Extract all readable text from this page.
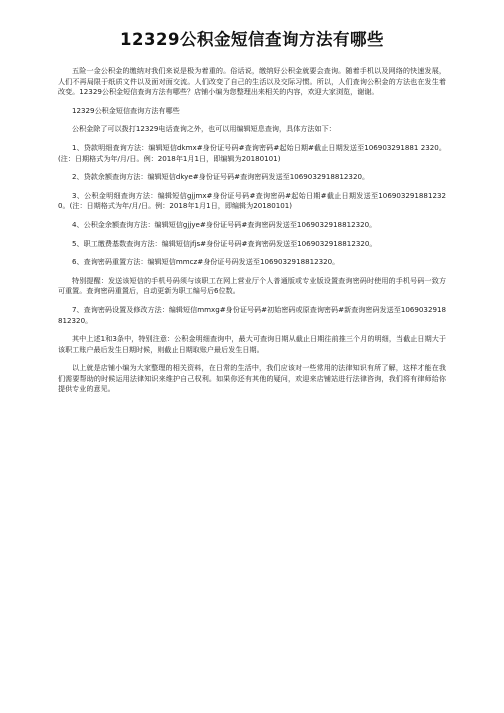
12329公积金短信查询方法有哪些

五险一金公积金的缴纳对我们来说是极为着重的。俗话说，缴纳好公积金就要会查询。随着手机以及网络的快速发展，人们不再局限于纸质文件以及面对面交流。人们改变了自己的生活以及交际习惯。所以，人们查询公积金的方法也在发生着改变。12329公积金短信查询方法有哪些？店铺小编为您整理出来相关的内容，欢迎大家浏览，谢谢。

12329公积金短信查询方法有哪些

公积金除了可以拨打12329电话查询之外，也可以用编辑短息查询，具体方法如下：

1、贷款明细查询方法：编辑短信dkmx#身份证号码#查询密码#起始日期#截止日期发送至106903291881 2320。(注：日期格式为年/月/日。例：2018年1月1日，即编辑为20180101)

2、贷款余额查询方法：编辑短信dkye#身份证号码#查询密码发送至1069032918812320。

3、公积金明细查询方法：编辑短信gjjmx#身份证号码#查询密码#起始日期#截止日期发送至1069032918812320。(注：日期格式为年/月/日。例：2018年1月1日，即编辑为20180101)

4、公积金余额查询方法：编辑短信gjjye#身份证号码#查询密码发送至1069032918812320。

5、职工缴费基数查询方法：编辑短信jfjs#身份证号码#查询密码发送至1069032918812320。

6、查询密码重置方法：编辑短信mmcz#身份证号码发送至1069032918812320。

特别提醒：发送该短信的手机号码须与该职工在网上营业厅个人普通版或专业版设置查询密码时使用的手机号码一致方可重置。查询密码重置后，自动更新为职工编号后6位数。

7、查询密码设置及修改方法：编辑短信mmxg#身份证号码#初始密码或原查询密码#新查询密码发送至1069032918812320。

其中上述1和3条中，特别注意：公积金明细查询中，最大可查询日期从截止日期往前推三个月的明细，当截止日期大于该职工账户最后发生日期时候，则截止日期取账户最后发生日期。

以上就是店铺小编为大家整理的相关资料，在日常的生活中，我们应该对一些常用的法律知识有所了解，这样才能在我们需要帮助的时候运用法律知识来维护自己权利。如果你还有其他的疑问，欢迎来店铺站进行法律咨询，我们将有律师给你提供专业的意见。
